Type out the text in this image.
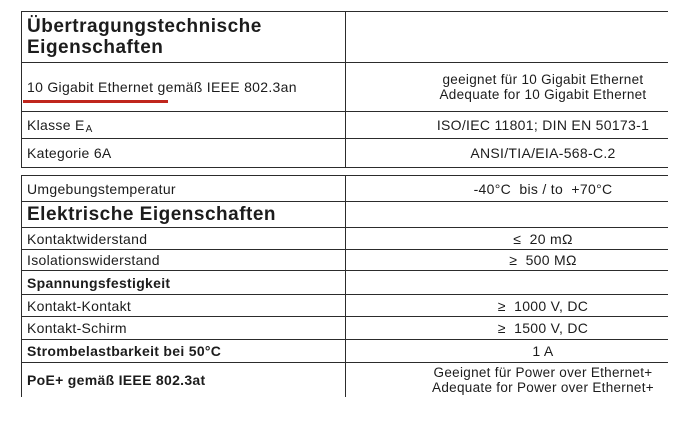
Übertragungstechnische Eigenschaften
10 Gigabit Ethernet gemäß IEEE 802.3an	geeignet für 10 Gigabit Ethernet
Adequate for 10 Gigabit Ethernet
Klasse E A	ISO/IEC 11801; DIN EN 50173-1
Kategorie 6A	ANSI/TIA/EIA-568-C.2
Umgebungstemperatur	-40°C  bis / to  +70°C
Elektrische Eigenschaften
Kontaktwiderstand	≤  20 mΩ
Isolationswiderstand	≥  500 MΩ
Spannungsfestigkeit
Kontakt-Kontakt	≥  1000 V, DC
Kontakt-Schirm	≥  1500 V, DC
Strombelastbarkeit bei 50°C	1 A
PoE+ gemäß IEEE 802.3at	Geeignet für Power over Ethernet+
Adequate for Power over Ethernet+
